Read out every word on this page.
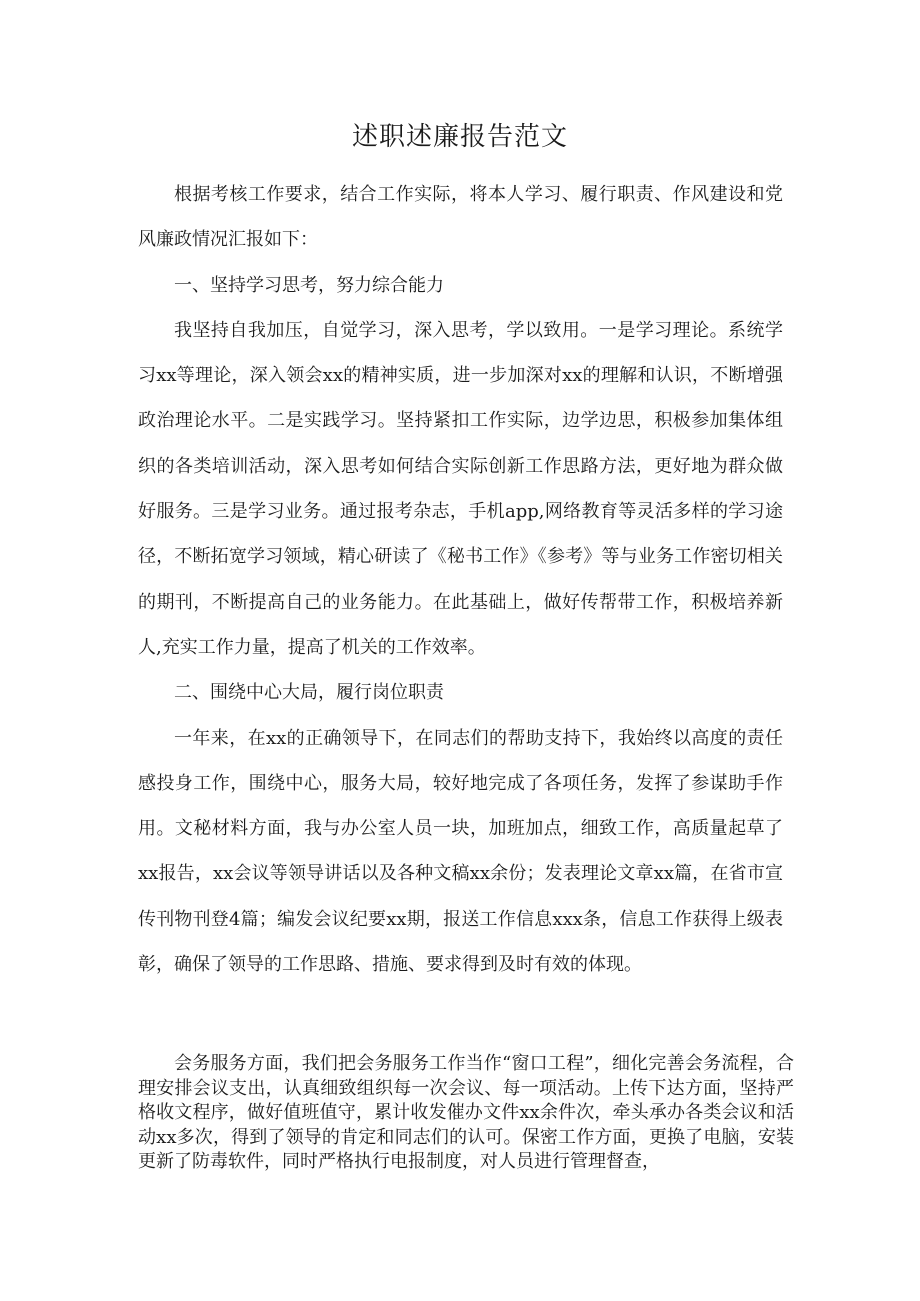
述职述廉报告范文

根据考核工作要求，结合工作实际，将本人学习、履行职责、作风建设和党风廉政情况汇报如下：

一、坚持学习思考，努力综合能力

我坚持自我加压，自觉学习，深入思考，学以致用。一是学习理论。系统学习xx等理论，深入领会xx的精神实质，进一步加深对xx的理解和认识，不断增强政治理论水平。二是实践学习。坚持紧扣工作实际，边学边思，积极参加集体组织的各类培训活动，深入思考如何结合实际创新工作思路方法，更好地为群众做好服务。三是学习业务。通过报考杂志，手机app,网络教育等灵活多样的学习途径，不断拓宽学习领域，精心研读了《秘书工作》《参考》等与业务工作密切相关的期刊，不断提高自己的业务能力。在此基础上，做好传帮带工作，积极培养新人,充实工作力量，提高了机关的工作效率。

二、围绕中心大局，履行岗位职责

一年来，在xx的正确领导下，在同志们的帮助支持下，我始终以高度的责任感投身工作，围绕中心，服务大局，较好地完成了各项任务，发挥了参谋助手作用。文秘材料方面，我与办公室人员一块，加班加点，细致工作，高质量起草了xx报告，xx会议等领导讲话以及各种文稿xx余份；发表理论文章xx篇，在省市宣传刊物刊登4篇；编发会议纪要xx期，报送工作信息xxx条，信息工作获得上级表彰，确保了领导的工作思路、措施、要求得到及时有效的体现。

会务服务方面，我们把会务服务工作当作“窗口工程”，细化完善会务流程，合理安排会议支出，认真细致组织每一次会议、每一项活动。上传下达方面，坚持严格收文程序，做好值班值守，累计收发催办文件xx余件次，牵头承办各类会议和活动xx多次，得到了领导的肯定和同志们的认可。保密工作方面，更换了电脑，安装更新了防毒软件，同时严格执行电报制度，对人员进行管理督查，
